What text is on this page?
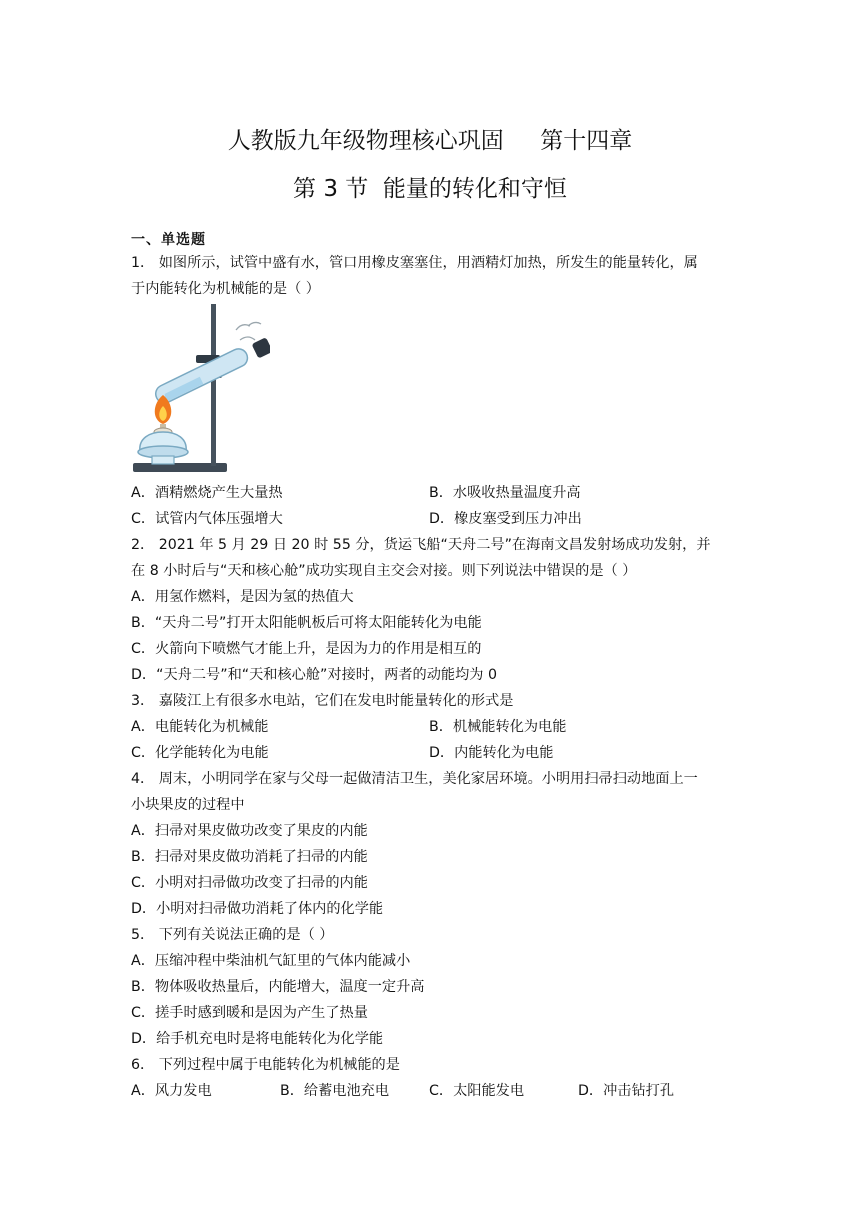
人教版九年级物理核心巩固     第十四章
第 3 节  能量的转化和守恒
一、单选题
1． 如图所示，试管中盛有水，管口用橡皮塞塞住，用酒精灯加热，所发生的能量转化，属
于内能转化为机械能的是（ ）
A．酒精燃烧产生大量热	B．水吸收热量温度升高
C．试管内气体压强增大	D．橡皮塞受到压力冲出
2． 2021 年 5 月 29 日 20 时 55 分，货运飞船“天舟二号”在海南文昌发射场成功发射，并
在 8 小时后与“天和核心舱”成功实现自主交会对接。则下列说法中错误的是（ ）
A．用氢作燃料，是因为氢的热值大
B．“天舟二号”打开太阳能帆板后可将太阳能转化为电能
C．火箭向下喷燃气才能上升，是因为力的作用是相互的
D．“天舟二号”和“天和核心舱”对接时，两者的动能均为 0
3． 嘉陵江上有很多水电站，它们在发电时能量转化的形式是
A．电能转化为机械能	B．机械能转化为电能
C．化学能转化为电能	D．内能转化为电能
4． 周末，小明同学在家与父母一起做清洁卫生，美化家居环境。小明用扫帚扫动地面上一
小块果皮的过程中
A．扫帚对果皮做功改变了果皮的内能
B．扫帚对果皮做功消耗了扫帚的内能
C．小明对扫帚做功改变了扫帚的内能
D．小明对扫帚做功消耗了体内的化学能
5． 下列有关说法正确的是（ ）
A．压缩冲程中柴油机气缸里的气体内能减小
B．物体吸收热量后，内能增大，温度一定升高
C．搓手时感到暖和是因为产生了热量
D．给手机充电时是将电能转化为化学能
6． 下列过程中属于电能转化为机械能的是
A．风力发电	B．给蓄电池充电	C．太阳能发电	D．冲击钻打孔
